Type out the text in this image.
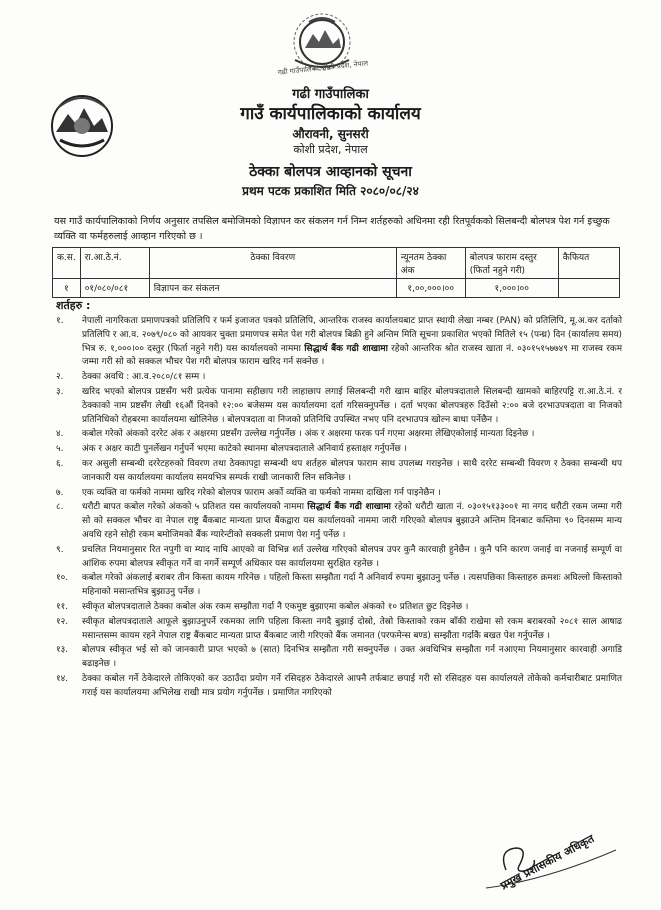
गढी गाउँपालिका कोशी प्रदेश, नेपाल
गढी गाउँपालिका
गाउँ कार्यपालिकाको कार्यालय
औरावनी, सुनसरी
कोशी प्रदेश, नेपाल
ठेक्का बोलपत्र आव्हानको सूचना
प्रथम पटक प्रकाशित मिति २०८०/०८/२४
यस गाउँ कार्यपालिकाको निर्णय अनुसार तपसिल बमोजिमको विज्ञापन कर संकलन गर्न निम्न शर्तहरुको अधिनमा रही रितपूर्वकको सिलबन्दी बोलपत्र पेश गर्न इच्छुक व्यक्ति वा फर्महरुलाई आव्हान गरिएको छ ।
क.स.	रा.आ.ठे.नं.	ठेक्का विवरण	न्यूनतम ठेक्का अंक	बोलपत्र फाराम दस्तुर (फिर्ता नहुने गरी)	कैफियत
१	०१/०८०/०८१	विज्ञापन कर संकलन	१,००,०००।००	१,०००।००	
शर्तहरु :
१.	नेपाली नागरिकता प्रमाणपत्रको प्रतिलिपि र फर्म इजाजत पत्रको प्रतिलिपि, आन्तरिक राजस्व कार्यालयबाट प्राप्त स्थायी लेखा नम्बर (PAN) को प्रतिलिपि, मू.अ.कर दर्ताको प्रतिलिपि र आ.व. २०७९/०८० को आयकर चुक्ता प्रमाणपत्र समेत पेश गरी बोलपत्र बिक्री हुने अन्तिम मिति सूचना प्रकाशित भएको मितिले १५ (पन्ध्र) दिन (कार्यालय समय) भित्र रु. १,०००।०० दस्तुर (फिर्ता नहुने गरी) यस कार्यालयको नाममा सिद्धार्थ बैंक गढी शाखामा रहेको आन्तरिक श्रोत राजस्व खाता नं. ०३०१५१५७७४९ मा राजस्व रकम जम्मा गरी सो को सक्कल भौचर पेश गरी बोलपत्र फाराम खरिद गर्न सक्नेछ ।
२.	ठेक्का अवधि : आ.व.२०८०/८१ सम्म ।
३.	खरिद भएको बोलपत्र प्रष्टसँग भरी प्रत्येक पानामा सहीछाप गरी लाहाछाप लगाई सिलबन्दी गरी खाम बाहिर बोलपत्रदाताले सिलबन्दी खामको बाहिरपट्टि रा.आ.ठे.नं. र ठेक्काको नाम प्रष्टसँग लेखी १६औं दिनको १२:०० बजेसम्म यस कार्यालयमा दर्ता गरिसक्नुपर्नेछ । दर्ता भएका बोलपत्रहरु दिउँसो २:०० बजे दरभाउपत्रदाता वा निजको प्रतिनिधिको रोहबरमा कार्यालयमा खोलिनेछ । बोलपत्रदाता वा निजको प्रतिनिधि उपस्थित नभए पनि दरभाउपत्र खोल्न बाधा पर्नेछैन ।
४.	कबोल गरेको अंकको दररेट अंक र अक्षरमा प्रष्टसँग उल्लेख गर्नुपर्नेछ । अंक र अक्षरमा फरक पर्न गएमा अक्षरमा लेखिएकोलाई मान्यता दिइनेछ ।
५.	अंक र अक्षर काटी पुनर्लेखन गर्नुपर्ने भएमा काटेको स्थानमा बोलपत्रदाताले अनिवार्य हस्ताक्षर गर्नुपर्नेछ ।
६.	कर असुली सम्बन्धी दररेटहरुको विवरण तथा ठेक्कापट्टा सम्बन्धी थप शर्तहरु बोलपत्र फाराम साथ उपलब्ध गराइनेछ । साथै दररेट सम्बन्धी विवरण र ठेक्का सम्बन्धी थप जानकारी यस कार्यालयमा कार्यालय समयभित्र सम्पर्क राखी जानकारी लिन सकिनेछ ।
७.	एक व्यक्ति वा फर्मको नाममा खरिद गरेको बोलपत्र फाराम अर्को व्यक्ति वा फर्मको नाममा दाखिला गर्न पाइनेछैन ।
८.	धरौटी बापत कबोल गरेको अंकको ५ प्रतिशत यस कार्यालयको नाममा सिद्धार्थ बैंक गढी शाखामा रहेको धरौटी खाता नं. ०३०१५१३३००१ मा नगद धरौटी रकम जम्मा गरी सो को सक्कल भौचर वा नेपाल राष्ट्र बैंकबाट मान्यता प्राप्त बैंकद्वारा यस कार्यालयको नाममा जारी गरिएको बोलपत्र बुझाउने अन्तिम दिनबाट कम्तिमा ९० दिनसम्म मान्य अवधि रहने सोही रकम बमोजिमको बैंक ग्यारेन्टीको सक्कली प्रमाण पेश गर्नु पर्नेछ ।
९.	प्रचलित नियमानुसार रित नपुगी वा म्याद नाघि आएको वा विभिन्न शर्त उल्लेख गरिएको बोलपत्र उपर कुनै कारवाही हुनेछैन । कुनै पनि कारण जनाई वा नजनाई सम्पूर्ण वा आंशिक रुपमा बोलपत्र स्वीकृत गर्ने वा नगर्ने सम्पूर्ण अधिकार यस कार्यालयमा सुरक्षित रहनेछ ।
१०.	कबोल गरेको अंकलाई बराबर तीन किस्ता कायम गरिनेछ । पहिलो किस्ता सम्झौता गर्दा नै अनिवार्य रुपमा बुझाउनु पर्नेछ । त्यसपछिका किस्ताहरु क्रमशः अघिल्लो किस्ताको महिनाको मसान्तभित्र बुझाउनु पर्नेछ ।
११.	स्वीकृत बोलपत्रदाताले ठेक्का कबोल अंक रकम सम्झौता गर्दा नै एकमुष्ट बुझाएमा कबोल अंकको १० प्रतिशत छुट दिइनेछ ।
१२.	स्वीकृत बोलपत्रदाताले आफूले बुझाउनुपर्ने रकमका लागि पहिला किस्ता नगदै बुझाई दोस्रो, तेस्रो किस्ताको रकम बाँकी राखेमा सो रकम बराबरको २०८१ साल आषाढ मसान्तसम्म कायम रहने नेपाल राष्ट्र बैंकबाट मान्यता प्राप्त बैंकबाट जारी गरिएको बैंक जमानत (परफमेन्स बण्ड) सम्झौता गर्दाकै बखत पेश गर्नुपर्नेछ ।
१३.	बोलपत्र स्वीकृत भई सो को जानकारी प्राप्त भएको ७ (सात) दिनभित्र सम्झौता गरी सक्नुपर्नेछ । उक्त अवधिभित्र सम्झौता गर्न नआएमा नियमानुसार कारवाही अगाडि बढाइनेछ ।
१४.	ठेक्का कबोल गर्ने ठेकेदारले तोकिएको कर उठाउँदा प्रयोग गर्ने रसिदहरु ठेकेदारले आफ्नै तर्फबाट छपाई गरी सो रसिदहरु यस कार्यालयले तोकेको कर्मचारीबाट प्रमाणित गराई यस कार्यालयमा अभिलेख राखी मात्र प्रयोग गर्नुपर्नेछ । प्रमाणित नगरिएको
प्रमुख प्रशासकीय अधिकृत
